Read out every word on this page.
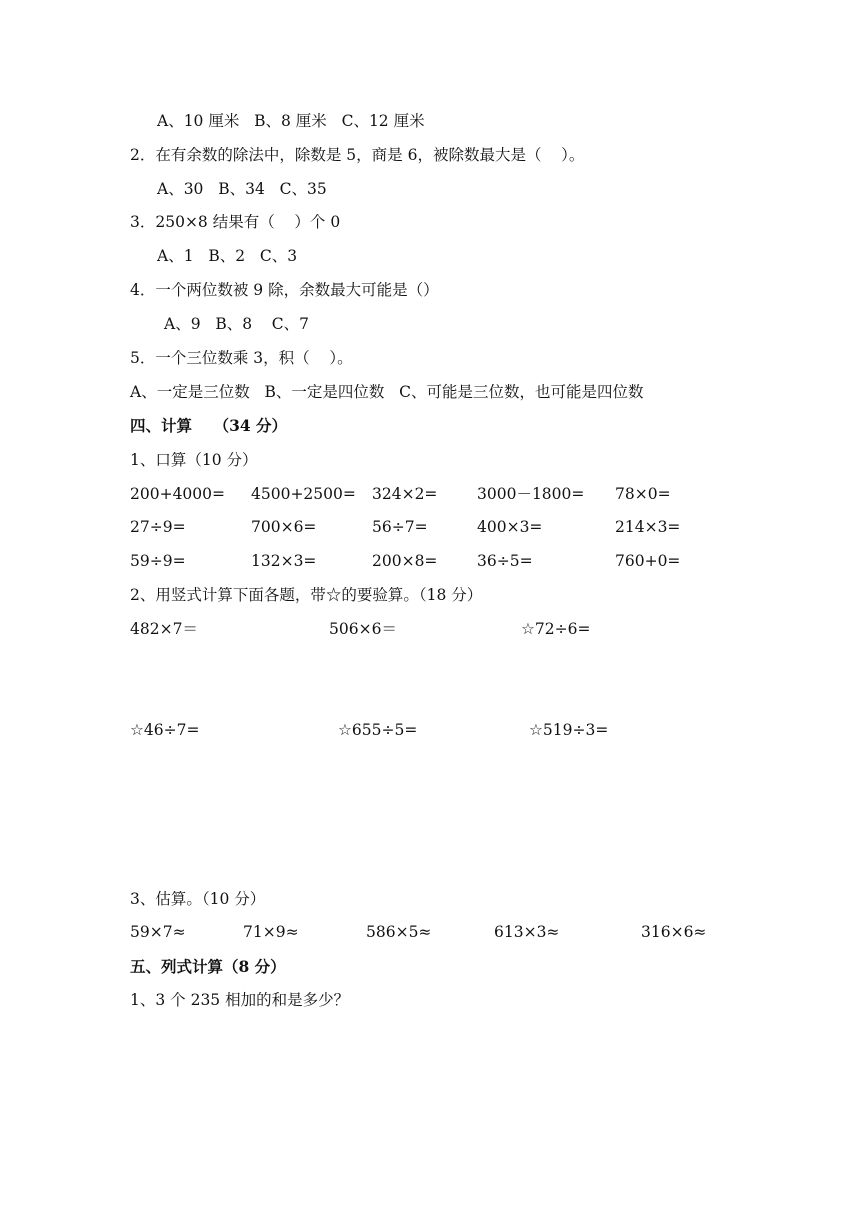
A、10 厘米   B、8 厘米   C、12 厘米
2．在有余数的除法中，除数是 5，商是 6，被除数最大是（    ）。
A、30   B、34   C、35
3．250×8 结果有（    ）个 0
A、1   B、2   C、3
4．一个两位数被 9 除，余数最大可能是（）
A、9   B、8    C、7
5．一个三位数乘 3，积（    ）。
A、一定是三位数   B、一定是四位数   C、可能是三位数，也可能是四位数
四、计算    （34 分）
1、口算（10 分）
200+4000= 4500+2500= 324×2=	3000－1800= 78×0=
27÷9=	700×6=	56÷7=	400×3=	214×3=
59÷9=	132×3=	200×8=	36÷5=	760+0=
2、用竖式计算下面各题，带☆的要验算。（18 分）
482×7＝	506×6＝	☆72÷6=
☆46÷7=	☆655÷5=	☆519÷3=
3、估算。（10 分）
59×7≈	71×9≈	586×5≈	613×3≈	316×6≈
五、列式计算（8 分）
1、3 个 235 相加的和是多少？
